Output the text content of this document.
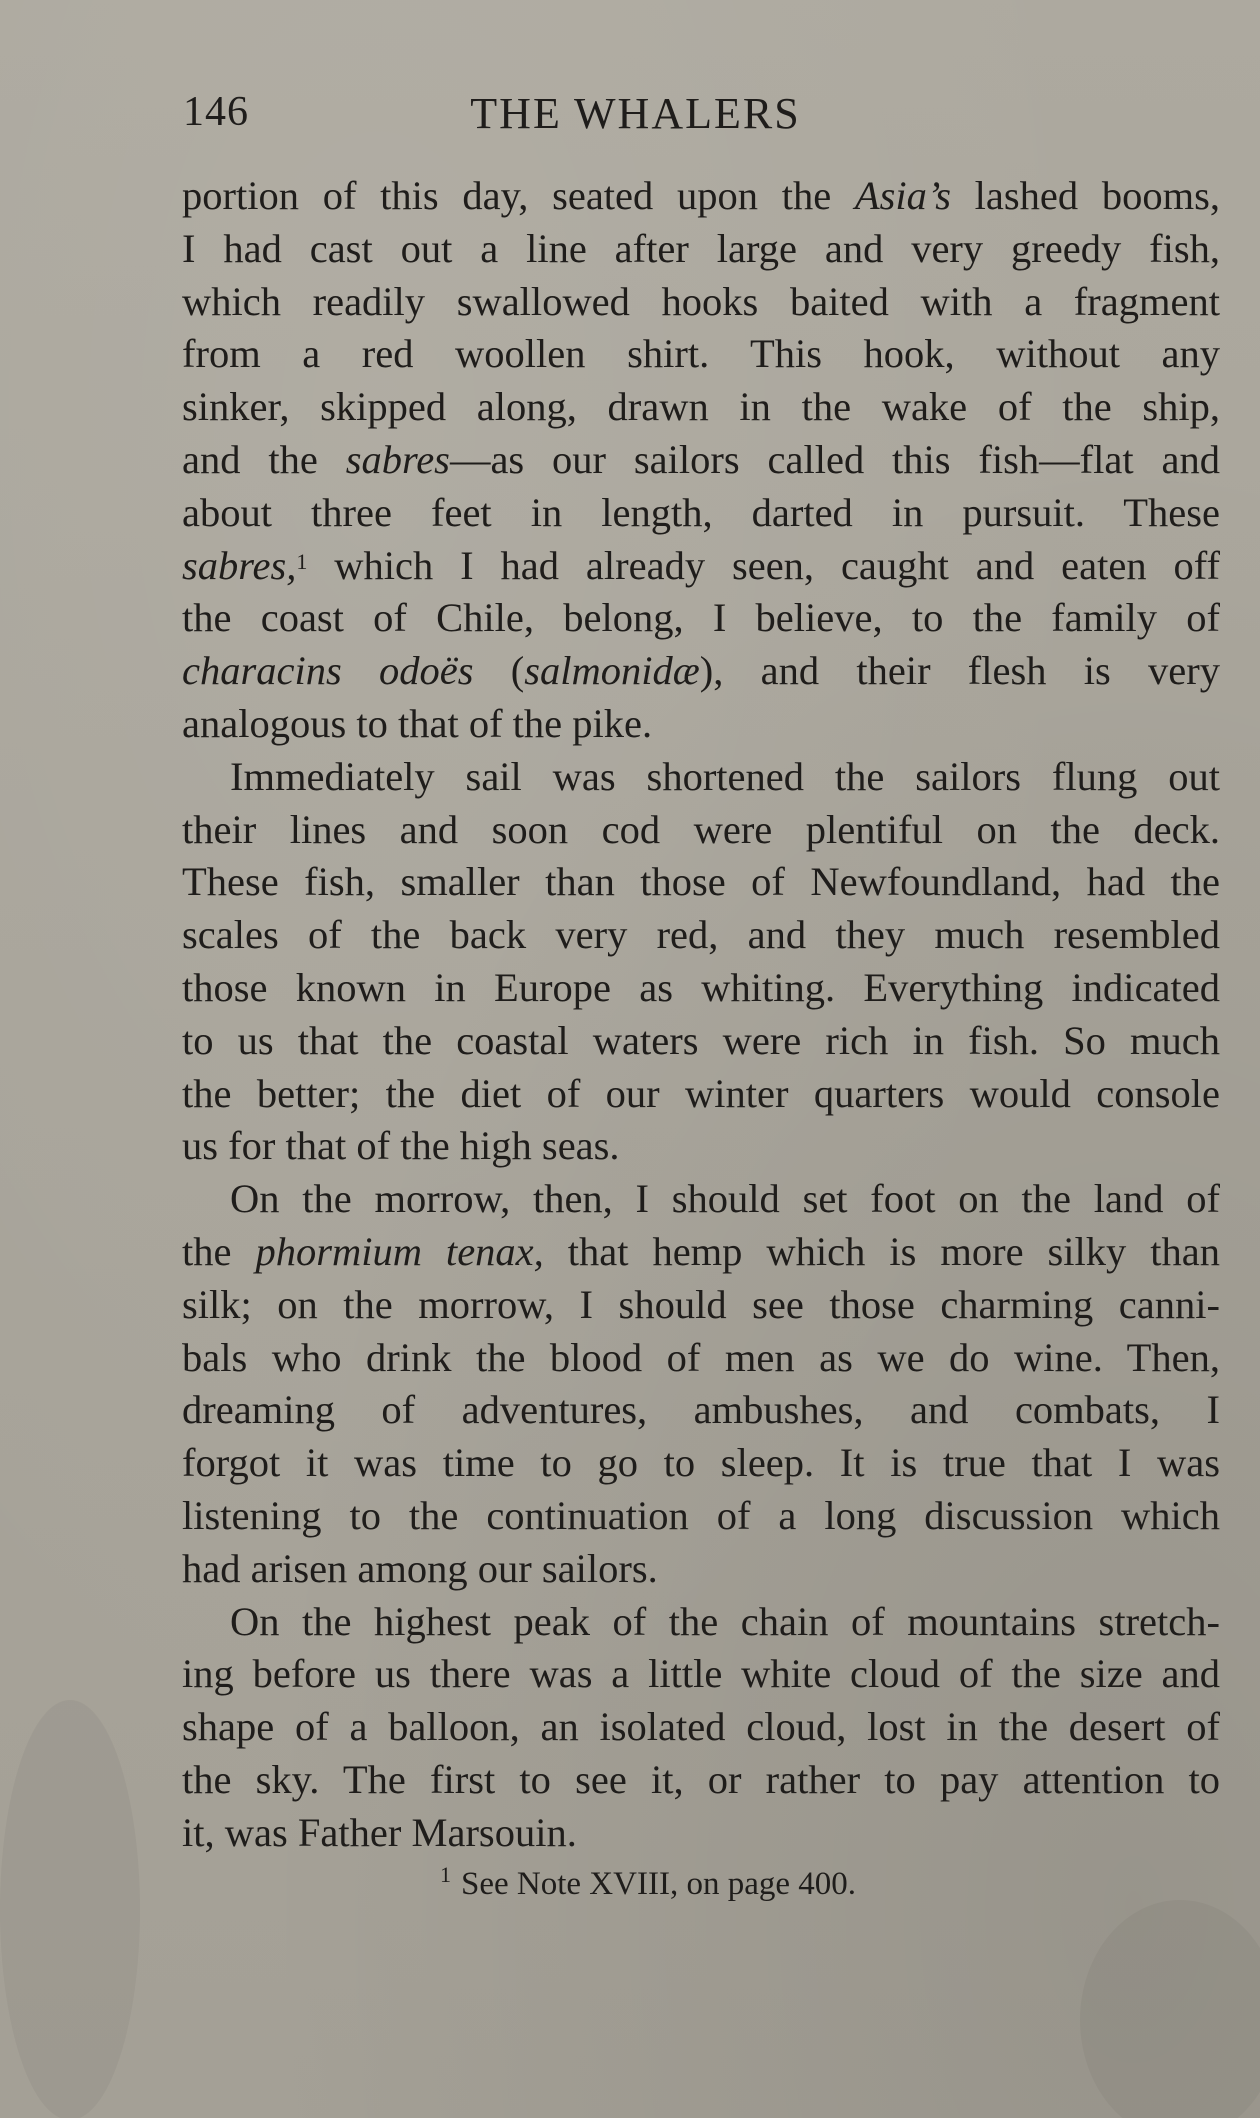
146	THE WHALERS
portion of this day, seated upon the Asia’s lashed booms,
I had cast out a line after large and very greedy fish,
which readily swallowed hooks baited with a fragment
from a red woollen shirt. This hook, without any
sinker, skipped along, drawn in the wake of the ship,
and the sabres—as our sailors called this fish—flat and
about three feet in length, darted in pursuit. These
sabres,$^1$ which I had already seen, caught and eaten off
the coast of Chile, belong, I believe, to the family of
characins odoës (salmonidæ), and their flesh is very
analogous to that of the pike.
Immediately sail was shortened the sailors flung out
their lines and soon cod were plentiful on the deck.
These fish, smaller than those of Newfoundland, had the
scales of the back very red, and they much resembled
those known in Europe as whiting. Everything indicated
to us that the coastal waters were rich in fish. So much
the better; the diet of our winter quarters would console
us for that of the high seas.
On the morrow, then, I should set foot on the land of
the phormium tenax, that hemp which is more silky than
silk; on the morrow, I should see those charming canni-
bals who drink the blood of men as we do wine. Then,
dreaming of adventures, ambushes, and combats, I
forgot it was time to go to sleep. It is true that I was
listening to the continuation of a long discussion which
had arisen among our sailors.
On the highest peak of the chain of mountains stretch-
ing before us there was a little white cloud of the size and
shape of a balloon, an isolated cloud, lost in the desert of
the sky. The first to see it, or rather to pay attention to
it, was Father Marsouin.
$^1$ See Note XVIII, on page 400.
